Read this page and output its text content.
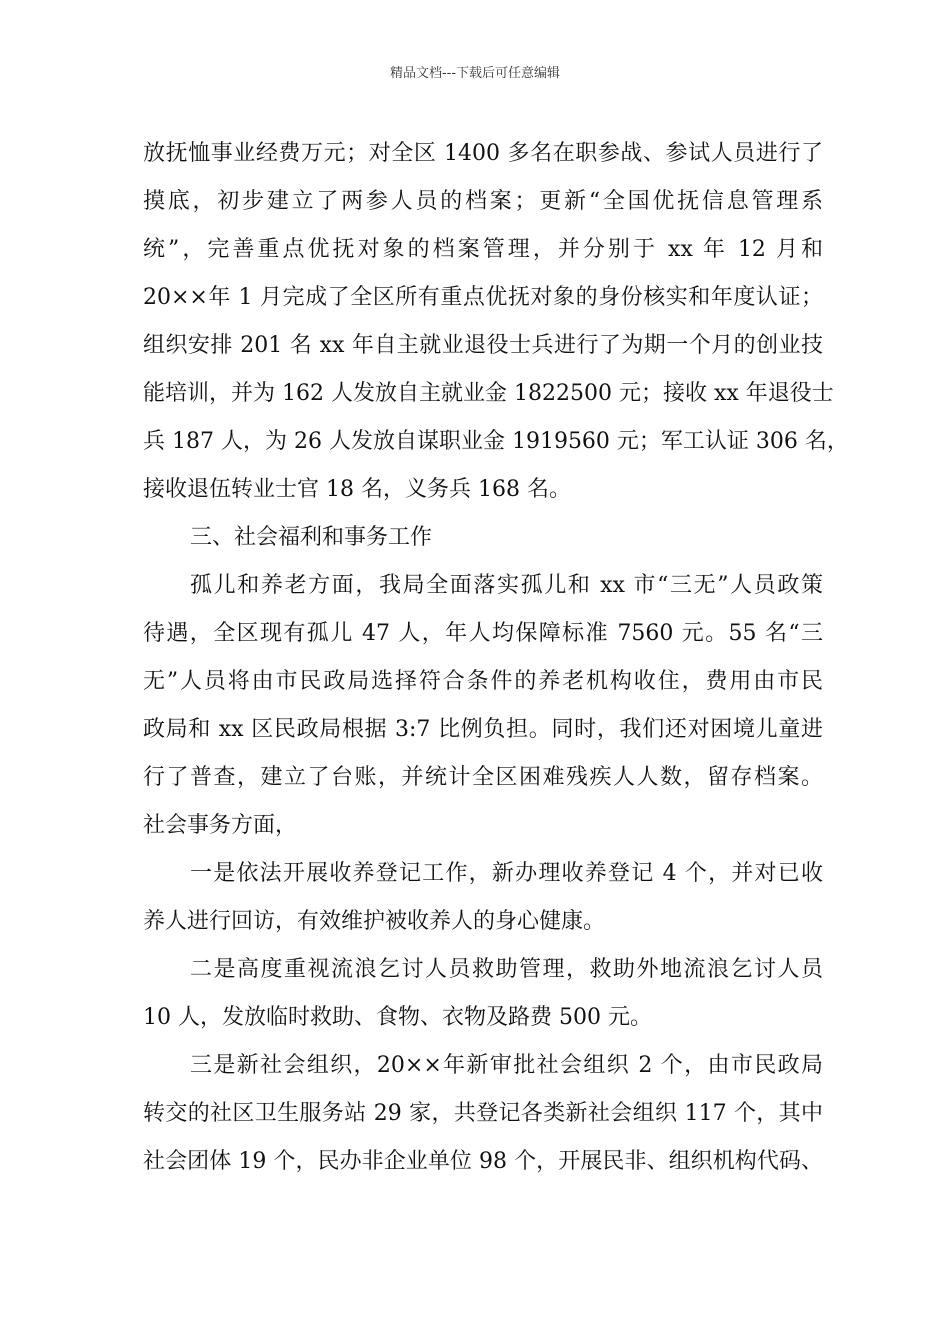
精品文档---下载后可任意编辑
放抚恤事业经费万元；对全区 1400 多名在职参战、参试人员进行了
摸底，初步建立了两参人员的档案；更新“全国优抚信息管理系
统”，完善重点优抚对象的档案管理，并分别于 xx 年 12 月和
20××年 1 月完成了全区所有重点优抚对象的身份核实和年度认证；
组织安排 201 名 xx 年自主就业退役士兵进行了为期一个月的创业技
能培训，并为 162 人发放自主就业金 1822500 元；接收 xx 年退役士
兵 187 人，为 26 人发放自谋职业金 1919560 元；军工认证 306 名，
接收退伍转业士官 18 名，义务兵 168 名。
三、社会福利和事务工作
孤儿和养老方面，我局全面落实孤儿和 xx 市“三无”人员政策
待遇，全区现有孤儿 47 人，年人均保障标准 7560 元。55 名“三
无”人员将由市民政局选择符合条件的养老机构收住，费用由市民
政局和 xx 区民政局根据 3:7 比例负担。同时，我们还对困境儿童进
行了普查，建立了台账，并统计全区困难残疾人人数，留存档案。
社会事务方面，
一是依法开展收养登记工作，新办理收养登记 4 个，并对已收
养人进行回访，有效维护被收养人的身心健康。
二是高度重视流浪乞讨人员救助管理，救助外地流浪乞讨人员
10 人，发放临时救助、食物、衣物及路费 500 元。
三是新社会组织，20××年新审批社会组织 2 个，由市民政局
转交的社区卫生服务站 29 家，共登记各类新社会组织 117 个，其中
社会团体 19 个，民办非企业单位 98 个，开展民非、组织机构代码、
